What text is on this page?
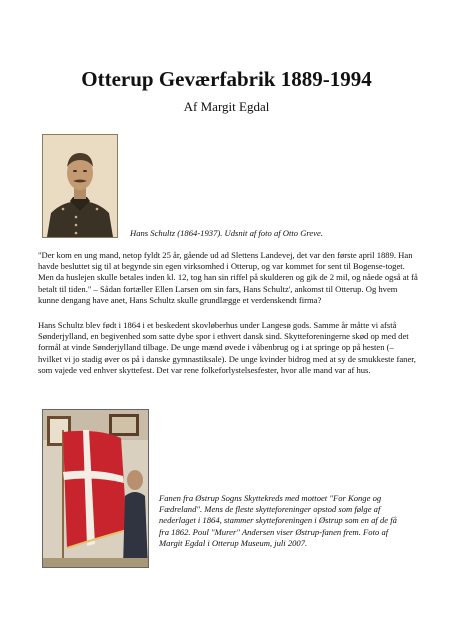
Otterup Geværfabrik 1889-1994
Af Margit Egdal
Hans Schultz (1864-1937). Udsnit af foto af Otto Greve.

"Der kom en ung mand, netop fyldt 25 år, gående ud ad Slettens Landevej, det var den første april 1889. Han havde besluttet sig til at begynde sin egen virksomhed i Otterup, og var kommet for sent til Bogense-toget. Men da huslejen skulle betales inden kl. 12, tog han sin riffel på skulderen og gik de 2 mil, og nåede også at få betalt til tiden." – Sådan fortæller Ellen Larsen om sin fars, Hans Schultz', ankomst til Otterup. Og hvem kunne dengang have anet, Hans Schultz skulle grundlægge et verdenskendt firma?

Hans Schultz blev født i 1864 i et beskedent skovløberhus under Langesø gods. Samme år måtte vi afstå Sønderjylland, en begivenhed som satte dybe spor i ethvert dansk sind. Skytteforeningerne skød op med det formål at vinde Sønderjylland tilbage. De unge mænd øvede i våbenbrug og i at springe op på hesten (– hvilket vi jo stadig øver os på i danske gymnastiksale). De unge kvinder bidrog med at sy de smukkeste faner, som vajede ved enhver skyttefest. Det var rene folkeforlystelsesfester, hvor alle mand var af hus.

Fanen fra Østrup Sogns Skyttekreds med mottoet "For Konge og Fædreland". Mens de fleste skytteforeninger opstod som følge af nederlaget i 1864, stammer skytteforeningen i Østrup som en af de få fra 1862. Poul "Murer" Andersen viser Østrup-fanen frem. Foto af Margit Egdal i Otterup Museum, juli 2007.
